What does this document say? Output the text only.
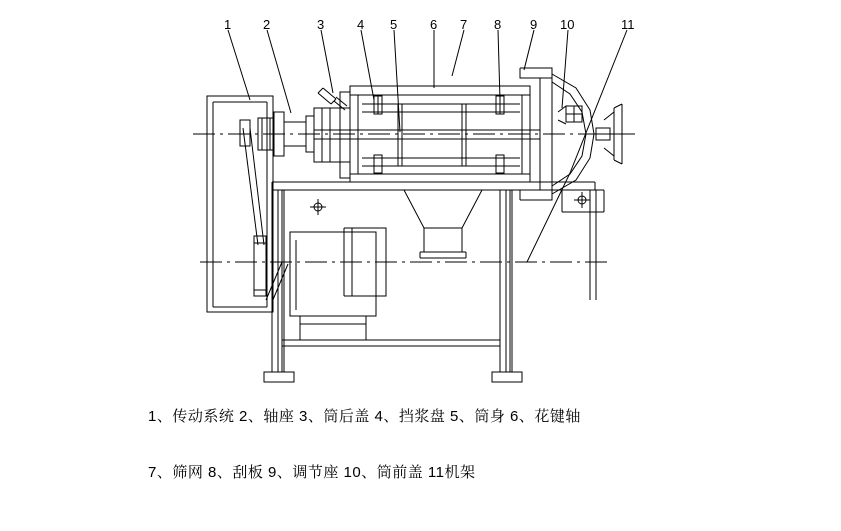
1 2	3	4 5	6 7 8 9 10	11
1、传动系统 2、轴座 3、筒后盖 4、挡浆盘 5、筒身 6、花键轴
7、筛网 8、刮板 9、调节座 10、筒前盖 11机架
